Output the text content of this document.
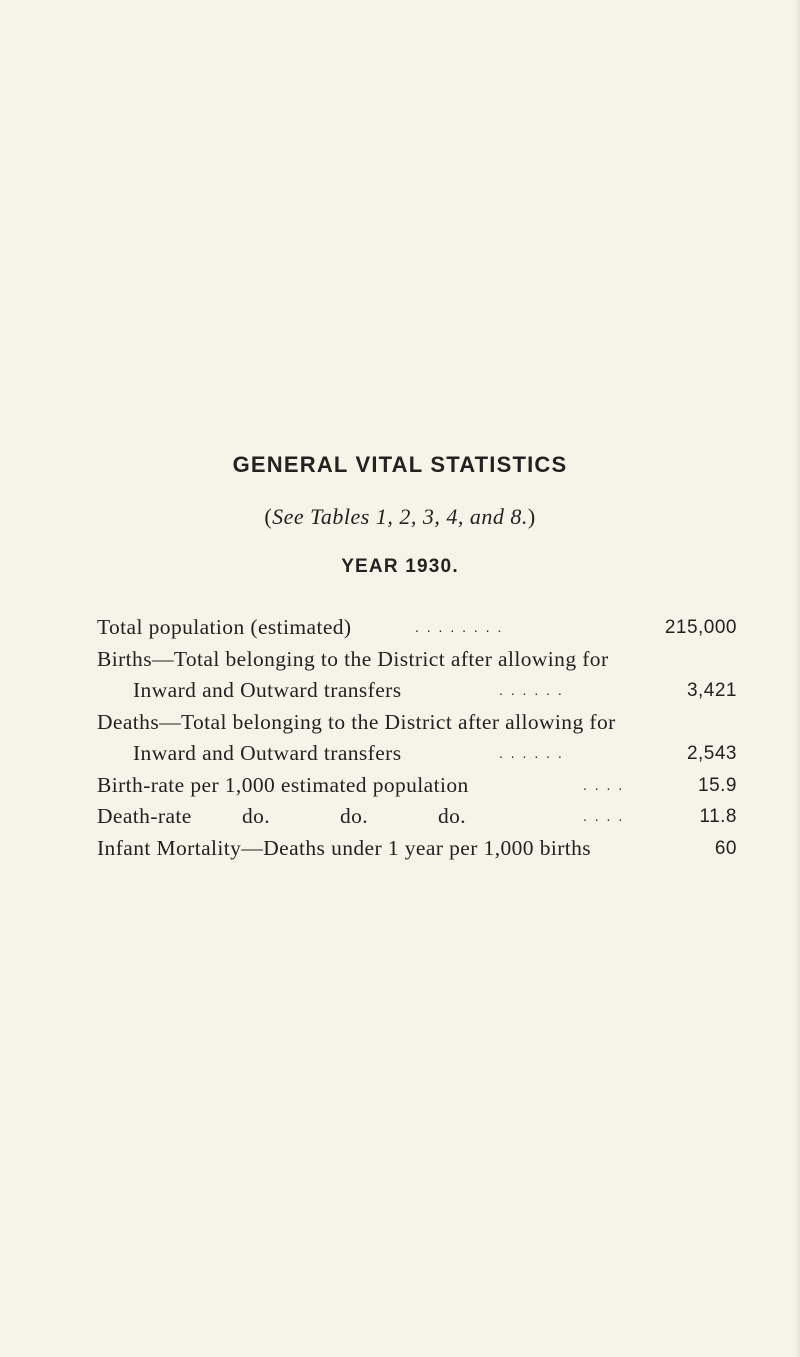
GENERAL VITAL STATISTICS
(See Tables 1, 2, 3, 4, and 8.)
YEAR 1930.
Total population (estimated)	. . . . . . . .	215,000
Births—Total belonging to the District after allowing for
Inward and Outward transfers	. . . . . .	3,421
Deaths—Total belonging to the District after allowing for
Inward and Outward transfers	. . . . . .	2,543
Birth-rate per 1,000 estimated population	. . . .	15.9
Death-rate do.	do.	do.	. . . .	11.8
Infant Mortality—Deaths under 1 year per 1,000 births	60
